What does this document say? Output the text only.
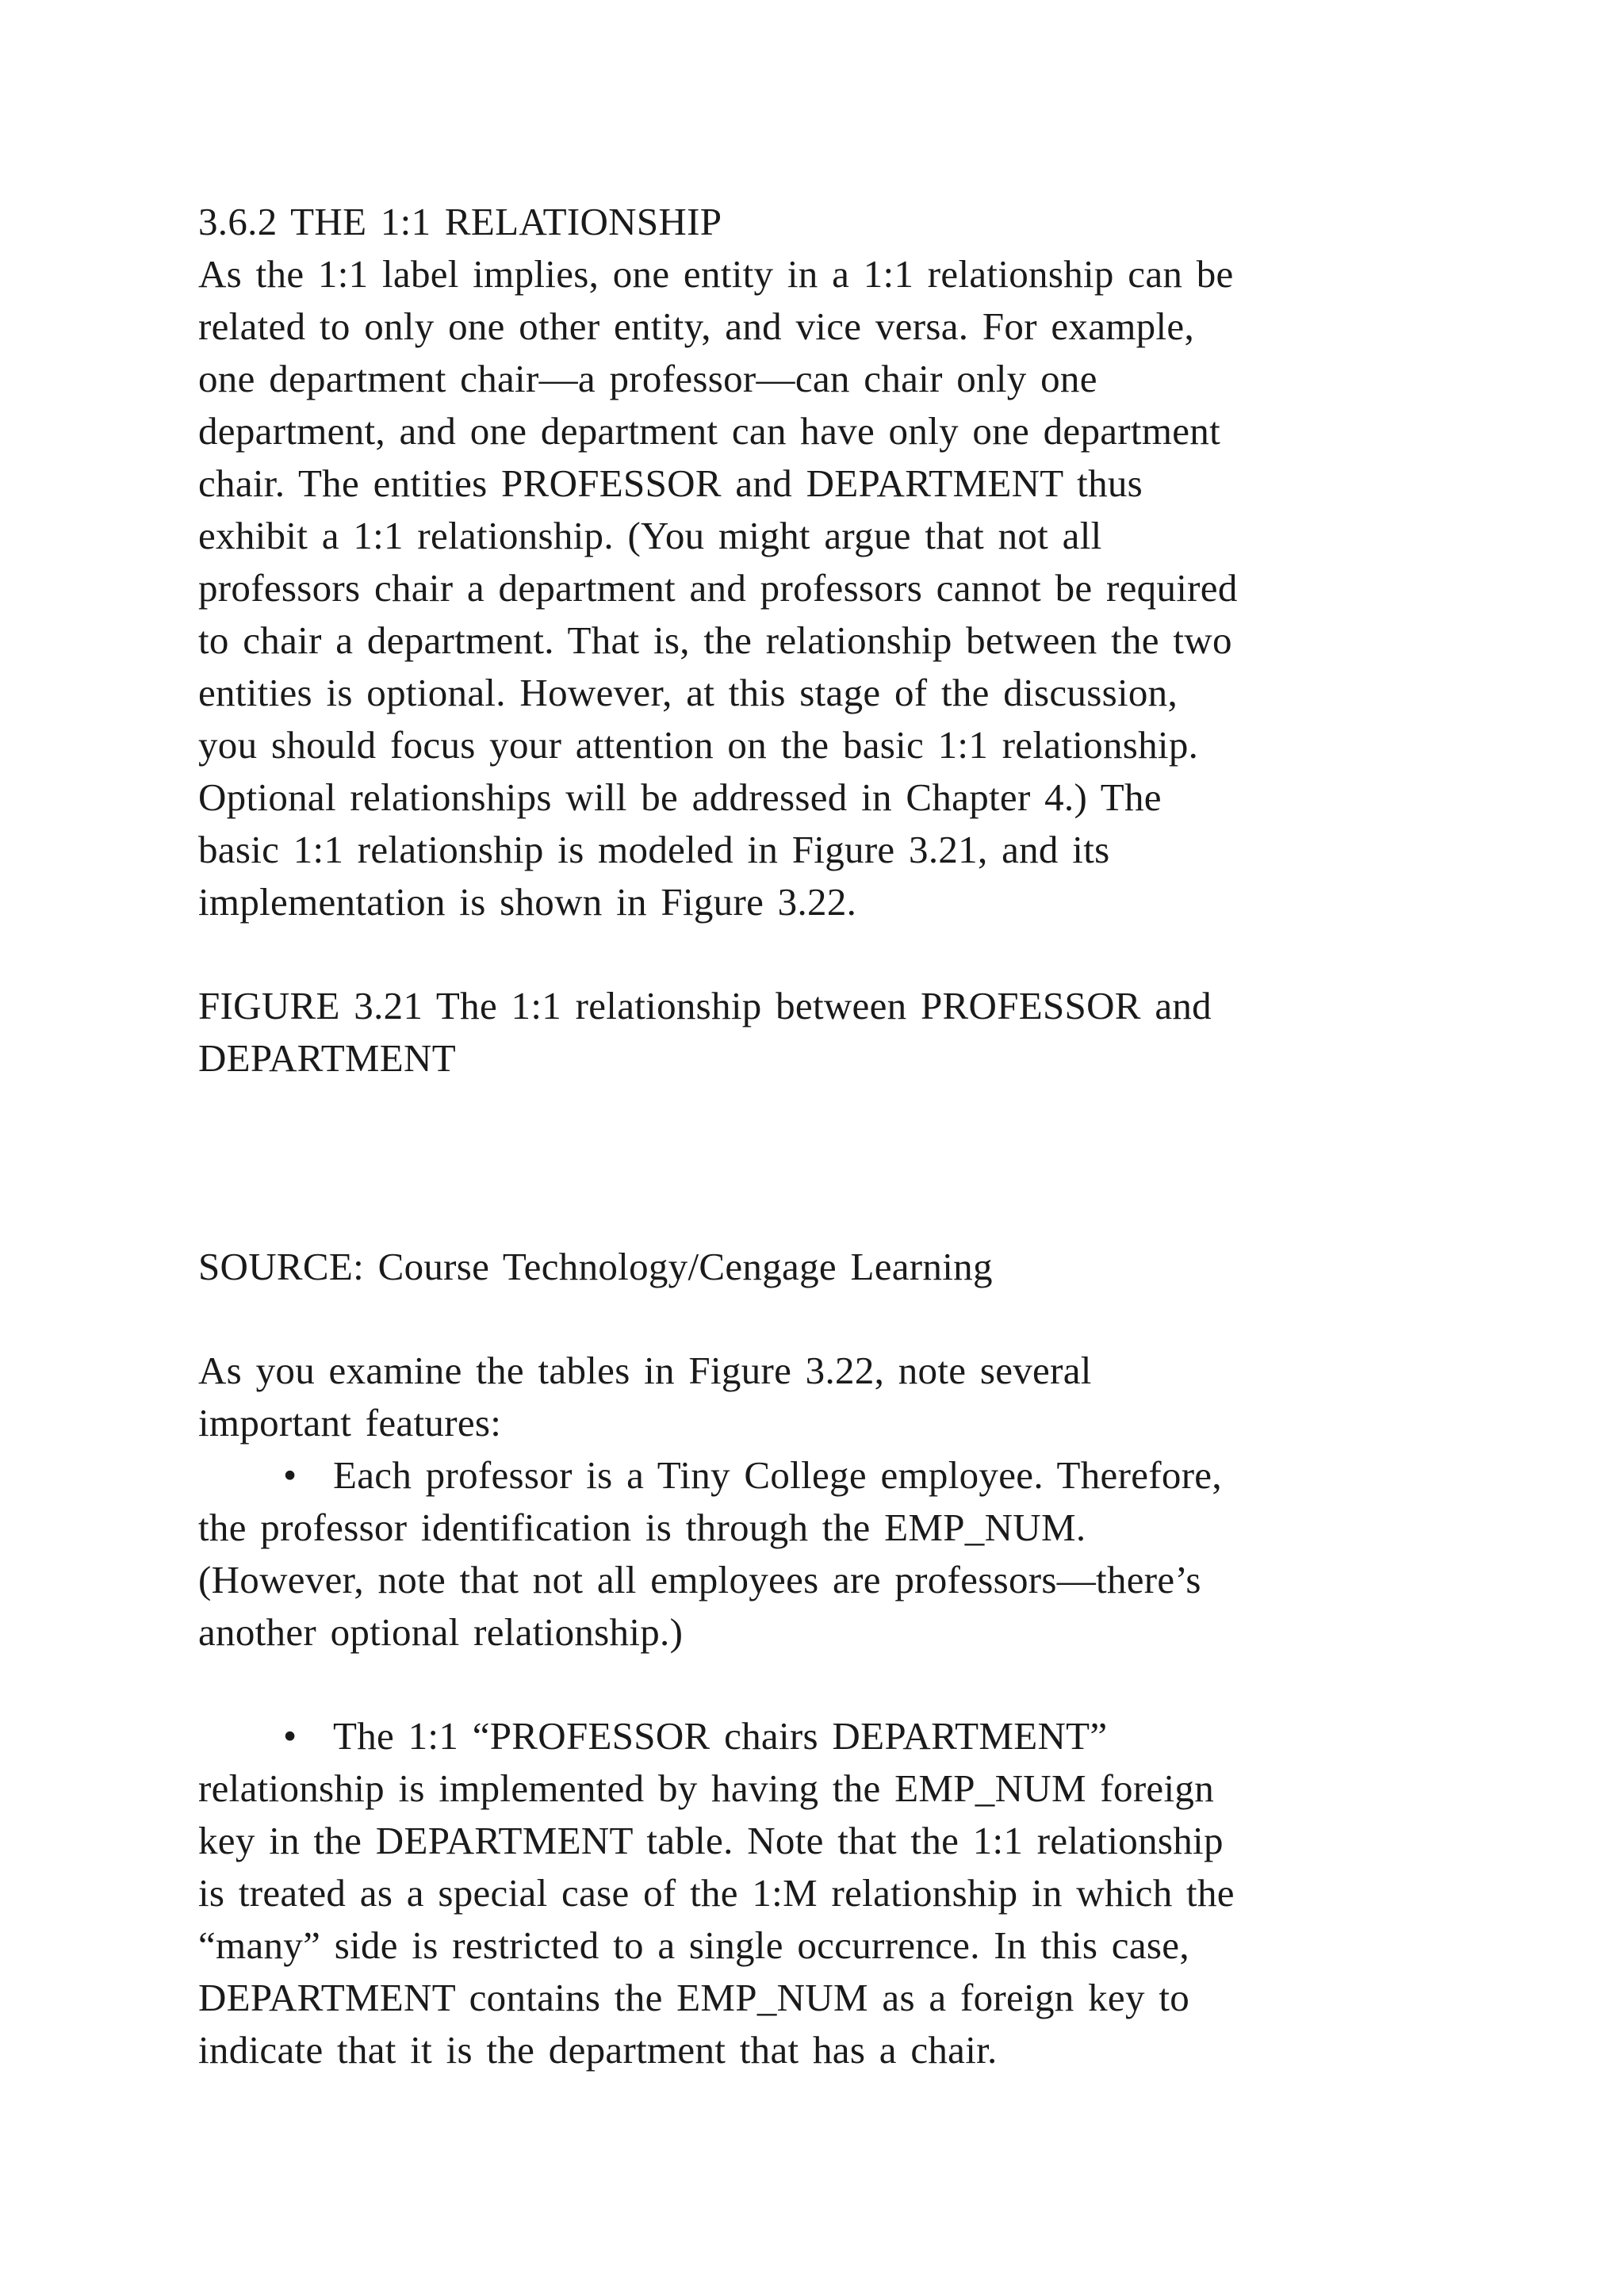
3.6.2 THE 1:1 RELATIONSHIP

As the 1:1 label implies, one entity in a 1:1 relationship can be

related to only one other entity, and vice versa. For example,

one department chair—a professor—can chair only one

department, and one department can have only one department

chair. The entities PROFESSOR and DEPARTMENT thus

exhibit a 1:1 relationship. (You might argue that not all

professors chair a department and professors cannot be required

to chair a department. That is, the relationship between the two

entities is optional. However, at this stage of the discussion,

you should focus your attention on the basic 1:1 relationship.

Optional relationships will be addressed in Chapter 4.) The

basic 1:1 relationship is modeled in Figure 3.21, and its

implementation is shown in Figure 3.22.

FIGURE 3.21 The 1:1 relationship between PROFESSOR and

DEPARTMENT

SOURCE: Course Technology/Cengage Learning

As you examine the tables in Figure 3.22, note several

important features:

• Each professor is a Tiny College employee. Therefore,

the professor identification is through the EMP_NUM.

(However, note that not all employees are professors—there’s

another optional relationship.)

• The 1:1 “PROFESSOR chairs DEPARTMENT”

relationship is implemented by having the EMP_NUM foreign

key in the DEPARTMENT table. Note that the 1:1 relationship

is treated as a special case of the 1:M relationship in which the

“many” side is restricted to a single occurrence. In this case,

DEPARTMENT contains the EMP_NUM as a foreign key to

indicate that it is the department that has a chair.
